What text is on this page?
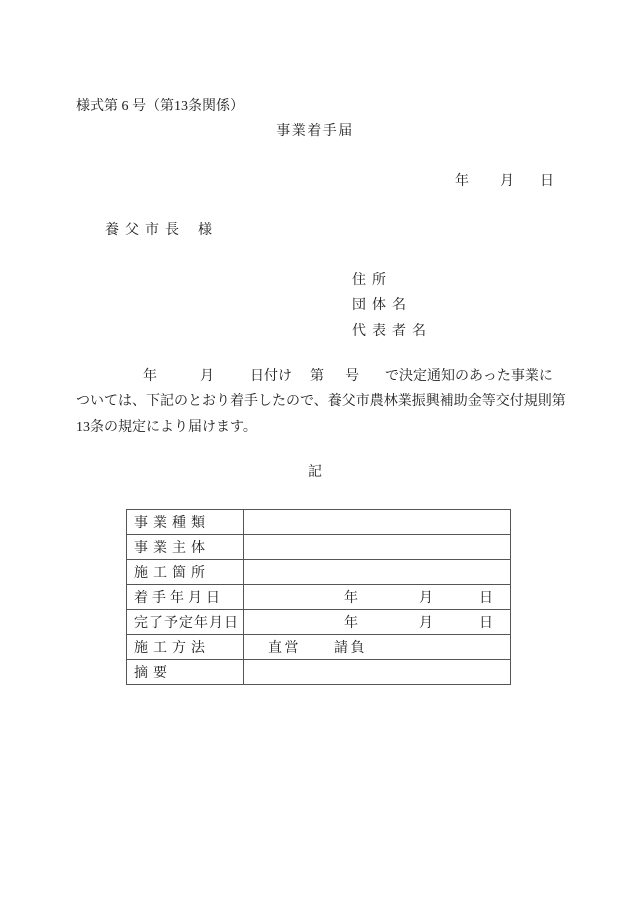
様式第 6 号（第13条関係）
事業着手届
年 月 日
養父市長 様
住所
団体名
代表者名
年	月	日付け 第 号 で決定通知のあった事業に
ついては、下記のとおり着手したので、養父市農林業振興補助金等交付規則第
13条の規定により届けます。
記
事業種類	
事業主体	
施工箇所	
着手年月日	年 月 日

完了予定年月日	年 月 日

施工方法	直営 請負
摘要	
